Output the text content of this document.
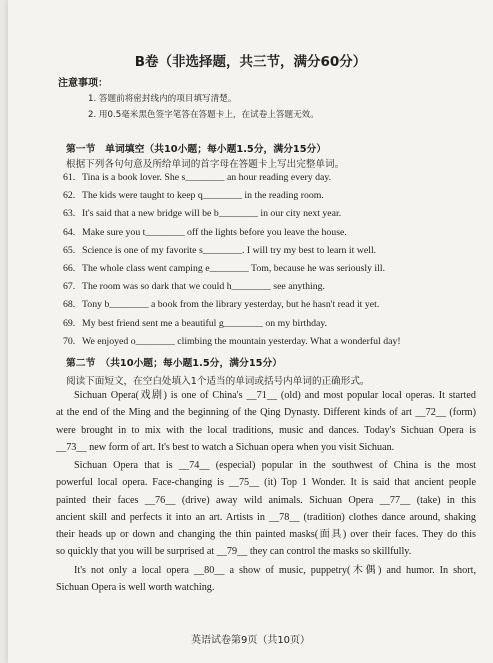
B卷（非选择题，共三节，满分60分）
注意事项：
1. 答题前将密封线内的项目填写清楚。
2. 用0.5毫米黑色签字笔答在答题卡上，在试卷上答题无效。
第一节　单词填空（共10小题；每小题1.5分，满分15分）
根据下列各句句意及所给单词的首字母在答题卡上写出完整单词。
61. Tina is a book lover. She s________ an hour reading every day.
62. The kids were taught to keep q________ in the reading room.
63. It's said that a new bridge will be b________ in our city next year.
64. Make sure you t________ off the lights before you leave the house.
65. Science is one of my favorite s________. I will try my best to learn it well.
66. The whole class went camping e________ Tom, because he was seriously ill.
67. The room was so dark that we could h________ see anything.
68. Tony b________ a book from the library yesterday, but he hasn't read it yet.
69. My best friend sent me a beautiful g________ on my birthday.
70. We enjoyed o________ climbing the mountain yesterday. What a wonderful day!
第二节　（共10小题；每小题1.5分，满分15分）
阅读下面短文，在空白处填入1个适当的单词或括号内单词的正确形式。
Sichuan Opera(戏剧) is one of China's __71__ (old) and most popular local operas. It started
at the end of the Ming and the beginning of the Qing Dynasty. Different kinds of art __72__ (form)
were brought in to mix with the local traditions, music and dances. Today's Sichuan Opera is
__73__ new form of art. It's best to watch a Sichuan opera when you visit Sichuan.
Sichuan Opera that is __74__ (especial) popular in the southwest of China is the most
powerful local opera. Face-changing is __75__ (it) Top 1 Wonder. It is said that ancient people
painted their faces __76__ (drive) away wild animals. Sichuan Opera __77__ (take) in this
ancient skill and perfects it into an art. Artists in __78__ (tradition) clothes dance around, shaking
their heads up or down and changing the thin painted masks(面具) over their faces. They do this
so quickly that you will be surprised at __79__ they can control the masks so skillfully.
It's not only a local opera __80__ a show of music, puppetry(木偶) and humor. In short,
Sichuan Opera is well worth watching.
英语试卷第9页（共10页）
